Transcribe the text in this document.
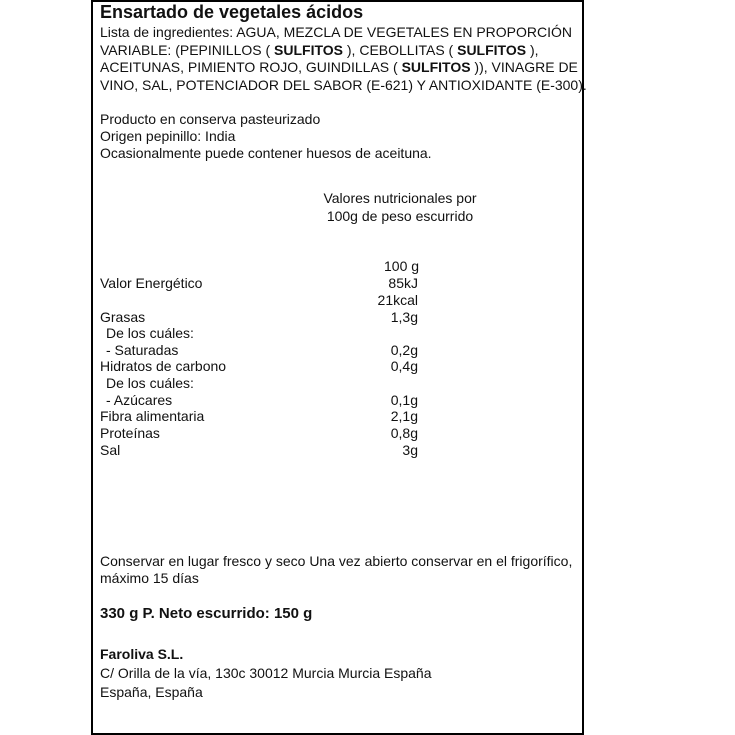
Ensartado de vegetales ácidos
Lista de ingredientes: AGUA, MEZCLA DE VEGETALES EN PROPORCIÓN
VARIABLE: (PEPINILLOS ( SULFITOS ), CEBOLLITAS ( SULFITOS ),
ACEITUNAS, PIMIENTO ROJO, GUINDILLAS ( SULFITOS )), VINAGRE DE
VINO, SAL, POTENCIADOR DEL SABOR (E-621) Y ANTIOXIDANTE (E-300).
Producto en conserva pasteurizado
Origen pepinillo: India
Ocasionalmente puede contener huesos de aceituna.
Valores nutricionales por
100g de peso escurrido
100 g
Valor Energético	85kJ
21kcal
Grasas	1,3g
De los cuáles:
- Saturadas	0,2g
Hidratos de carbono	0,4g
De los cuáles:
- Azúcares	0,1g
Fibra alimentaria	2,1g
Proteínas	0,8g
Sal	3g
Conservar en lugar fresco y seco Una vez abierto conservar en el frigorífico,
máximo 15 días
330 g P. Neto escurrido: 150 g
Faroliva S.L.
C/ Orilla de la vía, 130c 30012 Murcia Murcia España
España, España
